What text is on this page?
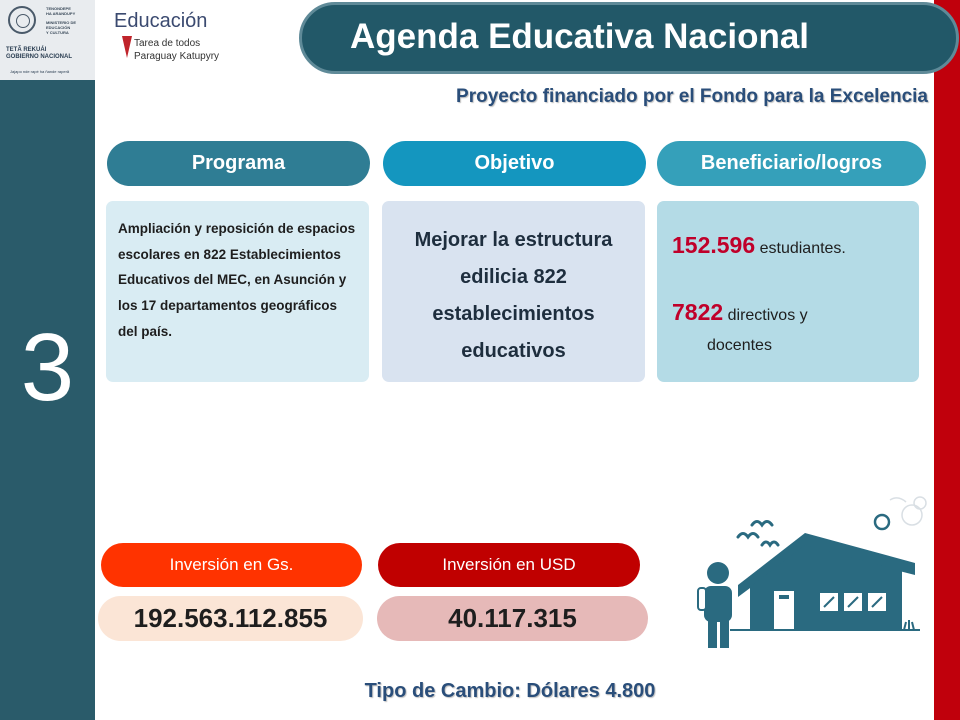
TENONDEPE
HA ARANDUPY
MINISTERIO DE
EDUCACIÓN
Y CULTURA
TETÃ REKUÁI
GOBIERNO NACIONAL
Jajapo nde rapé ha ñande raperã
3
Educación
Tarea de todos
Paraguay Katupyry
Agenda Educativa Nacional
Proyecto financiado por el Fondo para la Excelencia
Programa	Objetivo	Beneficiario/logros
Ampliación y reposición de espacios escolares en 822 Establecimientos Educativos del MEC, en Asunción y los 17 departamentos geográficos del país.
Mejorar la estructura edilicia 822 establecimientos educativos
152.596 estudiantes.
7822 directivos y
docentes
Inversión en Gs.	Inversión en USD
192.563.112.855	40.117.315
Tipo de Cambio: Dólares 4.800
